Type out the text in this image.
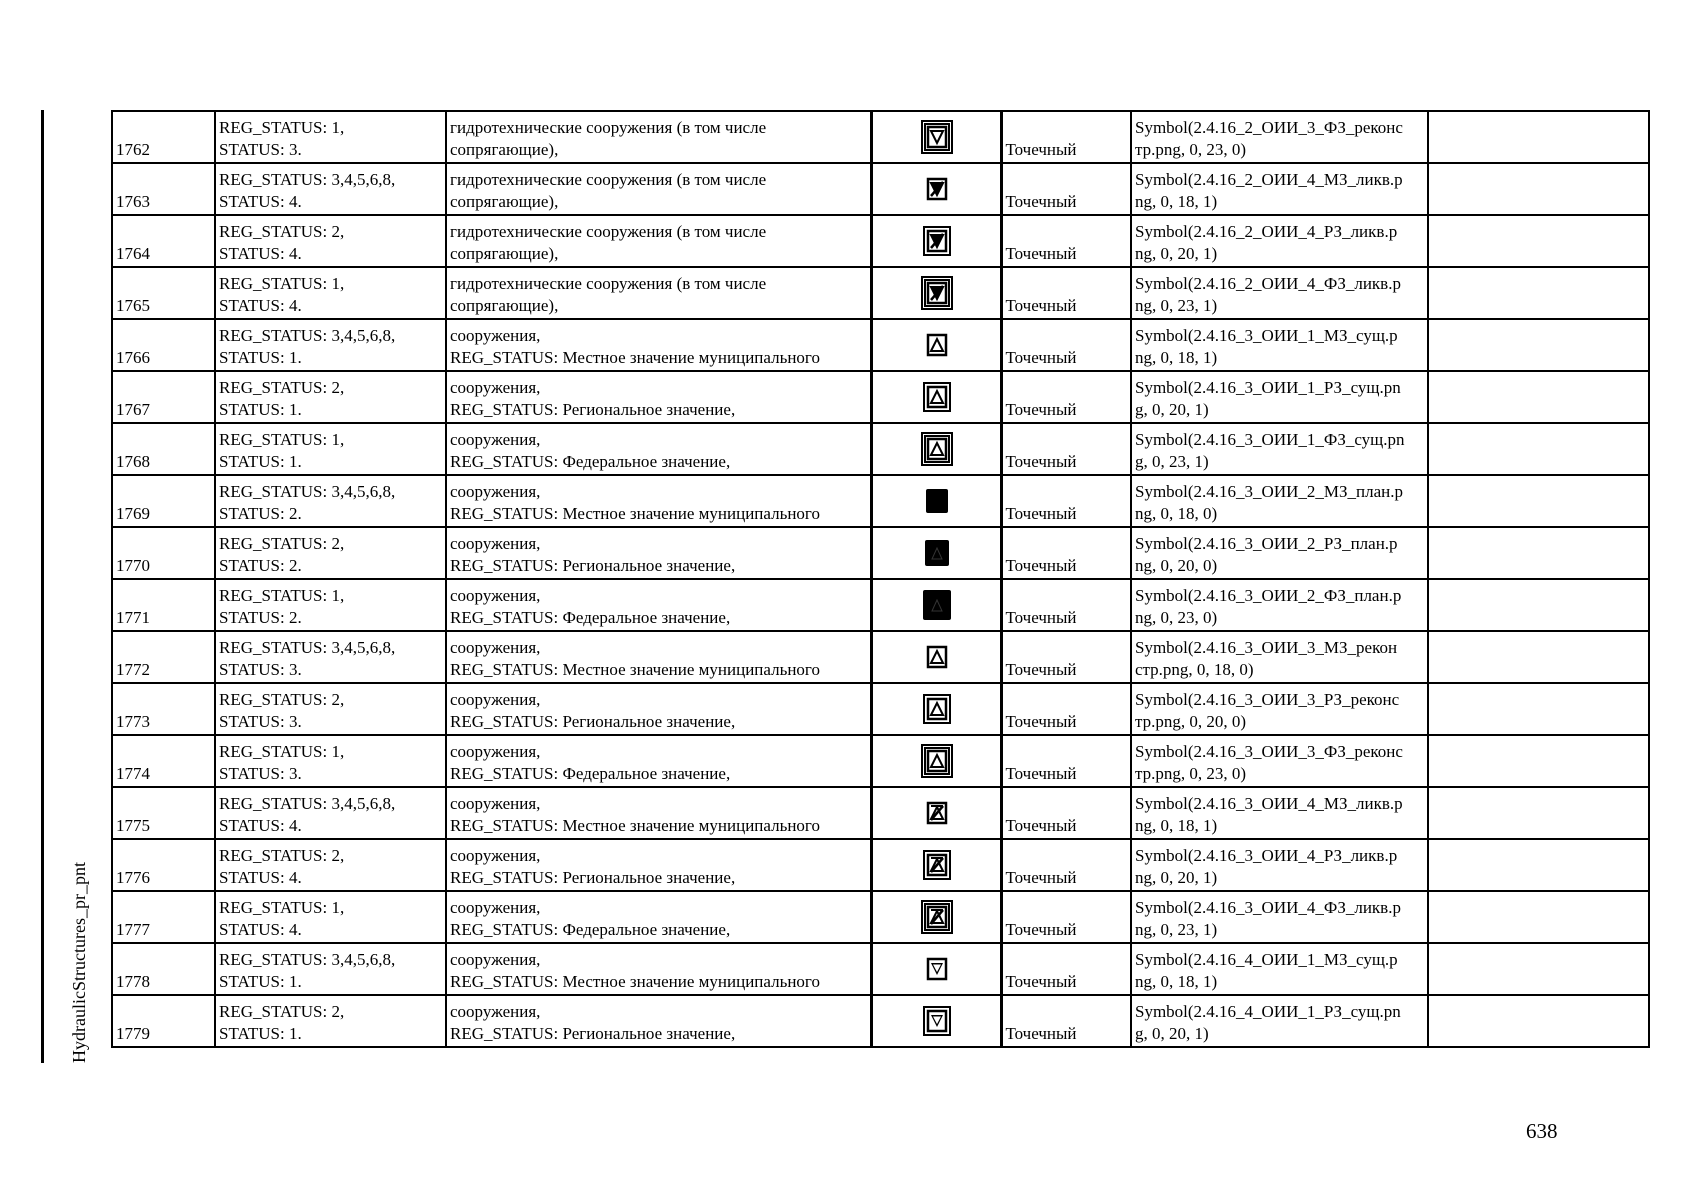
HydraulicStructures_pr_pnt
1762	REG_STATUS: 1,
STATUS: 3.	гидротехнические сооружения (в том числе
сопрягающие),		Точечный	Symbol(2.4.16_2_ОИИ_3_ФЗ_реконс
тр.png, 0, 23, 0)	

1763	REG_STATUS: 3,4,5,6,8,
STATUS: 4.	гидротехнические сооружения (в том числе
сопрягающие),		Точечный	Symbol(2.4.16_2_ОИИ_4_МЗ_ликв.p
ng, 0, 18, 1)	

1764	REG_STATUS: 2,
STATUS: 4.	гидротехнические сооружения (в том числе
сопрягающие),		Точечный	Symbol(2.4.16_2_ОИИ_4_РЗ_ликв.p
ng, 0, 20, 1)	

1765	REG_STATUS: 1,
STATUS: 4.	гидротехнические сооружения (в том числе
сопрягающие),		Точечный	Symbol(2.4.16_2_ОИИ_4_ФЗ_ликв.p
ng, 0, 23, 1)	

1766	REG_STATUS: 3,4,5,6,8,
STATUS: 1.	сооружения,
REG_STATUS: Местное значение муниципального		Точечный	Symbol(2.4.16_3_ОИИ_1_МЗ_сущ.p
ng, 0, 18, 1)	

1767	REG_STATUS: 2,
STATUS: 1.	сооружения,
REG_STATUS: Региональное значение,		Точечный	Symbol(2.4.16_3_ОИИ_1_РЗ_сущ.pn
g, 0, 20, 1)	

1768	REG_STATUS: 1,
STATUS: 1.	сооружения,
REG_STATUS: Федеральное значение,		Точечный	Symbol(2.4.16_3_ОИИ_1_ФЗ_сущ.pn
g, 0, 23, 1)	

1769	REG_STATUS: 3,4,5,6,8,
STATUS: 2.	сооружения,
REG_STATUS: Местное значение муниципального		Точечный	Symbol(2.4.16_3_ОИИ_2_МЗ_план.p
ng, 0, 18, 0)	

1770	REG_STATUS: 2,
STATUS: 2.	сооружения,
REG_STATUS: Региональное значение,		Точечный	Symbol(2.4.16_3_ОИИ_2_РЗ_план.p
ng, 0, 20, 0)	

1771	REG_STATUS: 1,
STATUS: 2.	сооружения,
REG_STATUS: Федеральное значение,		Точечный	Symbol(2.4.16_3_ОИИ_2_ФЗ_план.p
ng, 0, 23, 0)	

1772	REG_STATUS: 3,4,5,6,8,
STATUS: 3.	сооружения,
REG_STATUS: Местное значение муниципального		Точечный	Symbol(2.4.16_3_ОИИ_3_МЗ_рекон
стр.png, 0, 18, 0)	

1773	REG_STATUS: 2,
STATUS: 3.	сооружения,
REG_STATUS: Региональное значение,		Точечный	Symbol(2.4.16_3_ОИИ_3_РЗ_реконс
тр.png, 0, 20, 0)	

1774	REG_STATUS: 1,
STATUS: 3.	сооружения,
REG_STATUS: Федеральное значение,		Точечный	Symbol(2.4.16_3_ОИИ_3_ФЗ_реконс
тр.png, 0, 23, 0)	

1775	REG_STATUS: 3,4,5,6,8,
STATUS: 4.	сооружения,
REG_STATUS: Местное значение муниципального		Точечный	Symbol(2.4.16_3_ОИИ_4_МЗ_ликв.p
ng, 0, 18, 1)	

1776	REG_STATUS: 2,
STATUS: 4.	сооружения,
REG_STATUS: Региональное значение,		Точечный	Symbol(2.4.16_3_ОИИ_4_РЗ_ликв.p
ng, 0, 20, 1)	

1777	REG_STATUS: 1,
STATUS: 4.	сооружения,
REG_STATUS: Федеральное значение,		Точечный	Symbol(2.4.16_3_ОИИ_4_ФЗ_ликв.p
ng, 0, 23, 1)	

1778	REG_STATUS: 3,4,5,6,8,
STATUS: 1.	сооружения,
REG_STATUS: Местное значение муниципального		Точечный	Symbol(2.4.16_4_ОИИ_1_МЗ_сущ.p
ng, 0, 18, 1)	

1779	REG_STATUS: 2,
STATUS: 1.	сооружения,
REG_STATUS: Региональное значение,		Точечный	Symbol(2.4.16_4_ОИИ_1_РЗ_сущ.pn
g, 0, 20, 1)	

638
